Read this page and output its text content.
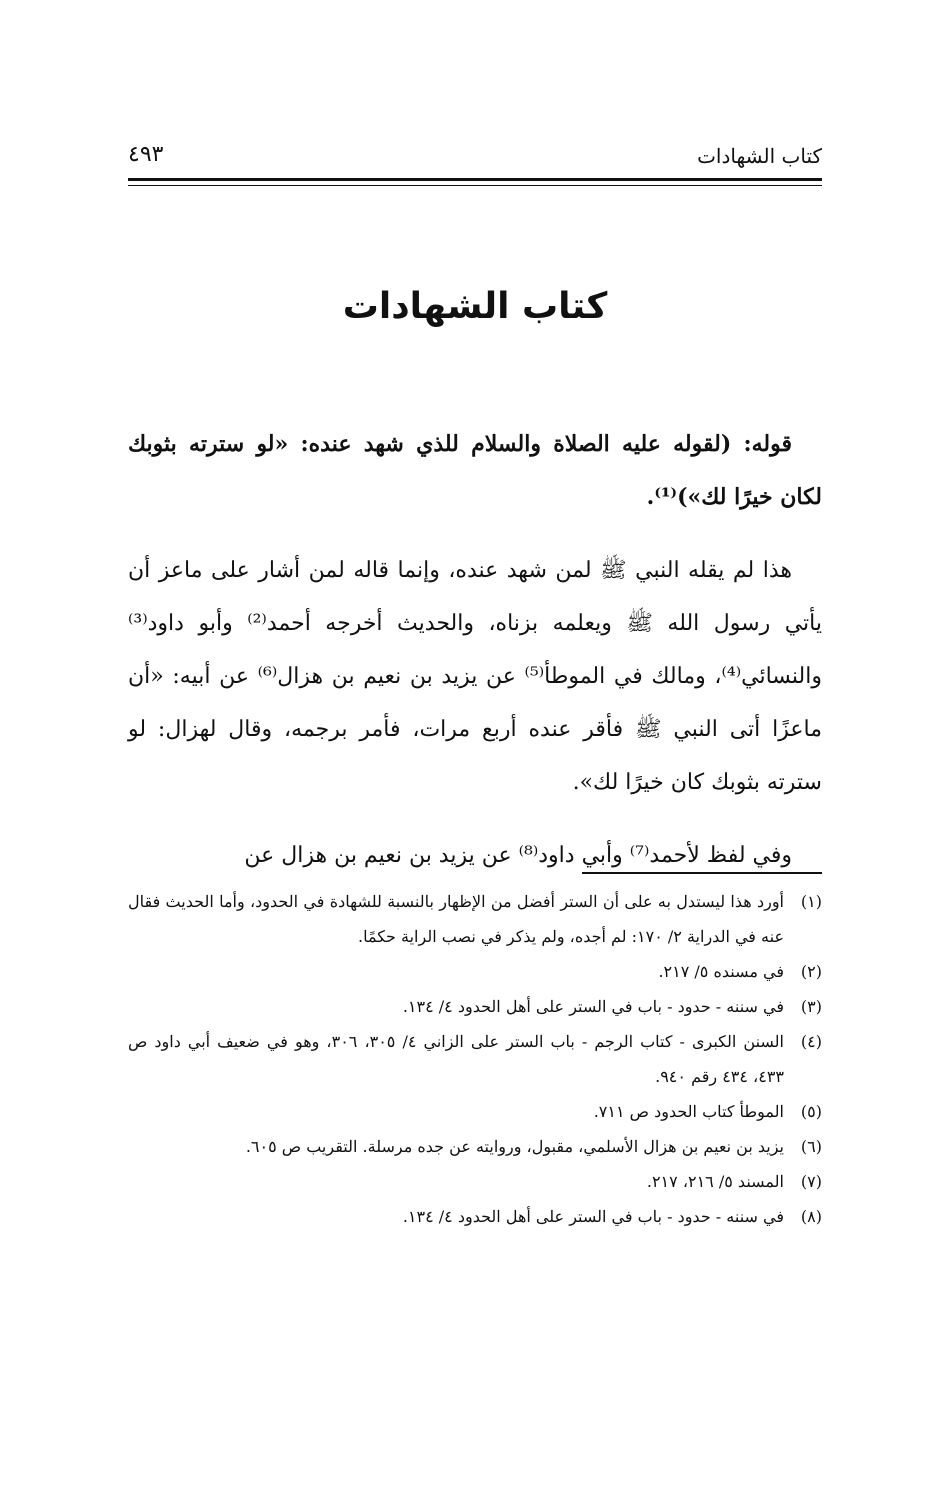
كتاب الشهادات
٤٩٣
كتاب الشهادات

قوله: (لقوله عليه الصلاة والسلام للذي شهد عنده: «لو سترته بثوبك لكان خيرًا لك»)⁽¹⁾.

هذا لم يقله النبي ﷺ لمن شهد عنده، وإنما قاله لمن أشار على ماعز أن يأتي رسول الله ﷺ ويعلمه بزناه، والحديث أخرجه أحمد⁽²⁾ وأبو داود⁽³⁾ والنسائي⁽⁴⁾، ومالك في الموطأ⁽⁵⁾ عن يزيد بن نعيم بن هزال⁽⁶⁾ عن أبيه: «أن ماعزًا أتى النبي ﷺ فأقر عنده أربع مرات، فأمر برجمه، وقال لهزال: لو سترته بثوبك كان خيرًا لك».

وفي لفظ لأحمد⁽⁷⁾ وأبي داود⁽⁸⁾ عن يزيد بن نعيم بن هزال عن

(١)
أورد هذا ليستدل به على أن الستر أفضل من الإظهار بالنسبة للشهادة في الحدود، وأما الحديث فقال عنه في الدراية ٢/ ١٧٠: لم أجده، ولم يذكر في نصب الراية حكمًا.
(٢)
في مسنده ٥/ ٢١٧.
(٣)
في سننه - حدود - باب في الستر على أهل الحدود ٤/ ١٣٤.
(٤)
السنن الكبرى - كتاب الرجم - باب الستر على الزاني ٤/ ٣٠٥، ٣٠٦، وهو في ضعيف أبي داود ص ٤٣٣، ٤٣٤ رقم ٩٤٠.
(٥)
الموطأ كتاب الحدود ص ٧١١.
(٦)
يزيد بن نعيم بن هزال الأسلمي، مقبول، وروايته عن جده مرسلة. التقريب ص ٦٠٥.
(٧)
المسند ٥/ ٢١٦، ٢١٧.
(٨)
في سننه - حدود - باب في الستر على أهل الحدود ٤/ ١٣٤.
